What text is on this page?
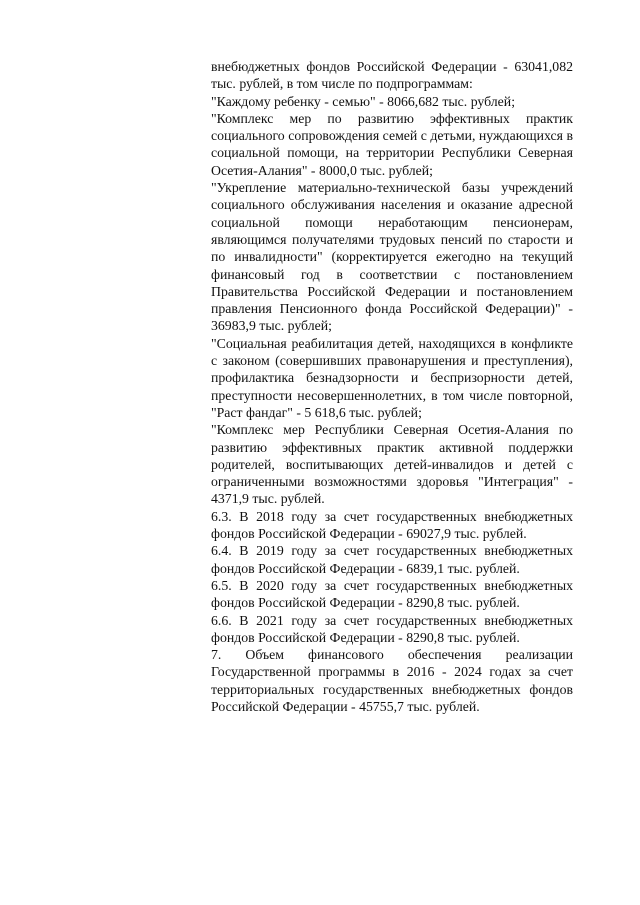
внебюджетных фондов Российской Федерации - 63041,082 тыс. рублей, в том числе по подпрограммам:

"Каждому ребенку - семью" - 8066,682 тыс. рублей;

"Комплекс мер по развитию эффективных практик социального сопровождения семей с детьми, нуждающихся в социальной помощи, на территории Республики Северная Осетия-Алания" - 8000,0 тыс. рублей;

"Укрепление материально-технической базы учреждений социального обслуживания населения и оказание адресной социальной помощи неработающим пенсионерам, являющимся получателями трудовых пенсий по старости и по инвалидности" (корректируется ежегодно на текущий финансовый год в соответствии с постановлением Правительства Российской Федерации и постановлением правления Пенсионного фонда Российской Федерации)" - 36983,9 тыс. рублей;

"Социальная реабилитация детей, находящихся в конфликте с законом (совершивших правонарушения и преступления), профилактика безнадзорности и беспризорности детей, преступности несовершеннолетних, в том числе повторной, "Раст фандаг" - 5 618,6 тыс. рублей;

"Комплекс мер Республики Северная Осетия-Алания по развитию эффективных практик активной поддержки родителей, воспитывающих детей-инвалидов и детей с ограниченными возможностями здоровья "Интеграция" - 4371,9 тыс. рублей.

6.3. В 2018 году за счет государственных внебюджетных фондов Российской Федерации - 69027,9 тыс. рублей.

6.4. В 2019 году за счет государственных внебюджетных фондов Российской Федерации - 6839,1 тыс. рублей.

6.5. В 2020 году за счет государственных внебюджетных фондов Российской Федерации - 8290,8 тыс. рублей.

6.6. В 2021 году за счет государственных внебюджетных фондов Российской Федерации - 8290,8 тыс. рублей.

7. Объем финансового обеспечения реализации Государственной программы в 2016 - 2024 годах за счет территориальных государственных внебюджетных фондов Российской Федерации - 45755,7 тыс. рублей.
